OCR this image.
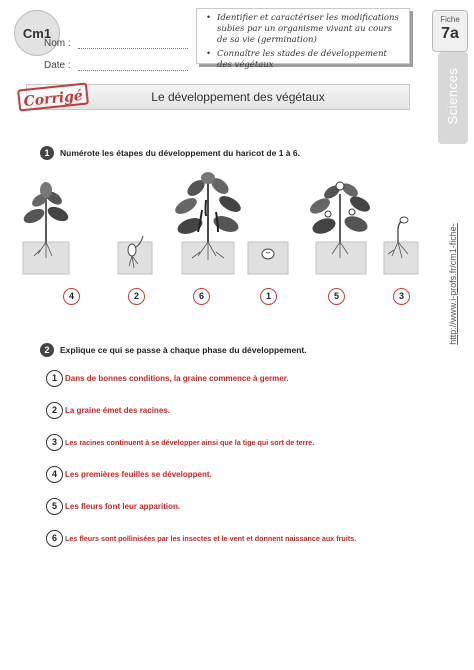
Cm1
Nom :
Date :
• Identifier et caractériser les modifications subies par un organisme vivant au cours de sa vie (germination)
• Connaître les stades de développement des végétaux
Fiche
7a
Sciences
http://www.i-profs.fr/cm1-fiche-
Le développement des végétaux
Corrigé
1	Numérote les étapes du développement du haricot de 1 à 6.
4	2	6	1	5	3
2	Explique ce qui se passe à chaque phase du développement.
1	Dans de bonnes conditions, la graine commence à germer.
2	La graine émet des racines.
3	Les racines continuent à se développer ainsi que la tige qui sort de terre.
4	Les premières feuilles se développent.
5	Les fleurs font leur apparition.
6	Les fleurs sont pollinisées par les insectes et le vent et donnent naissance aux fruits.
